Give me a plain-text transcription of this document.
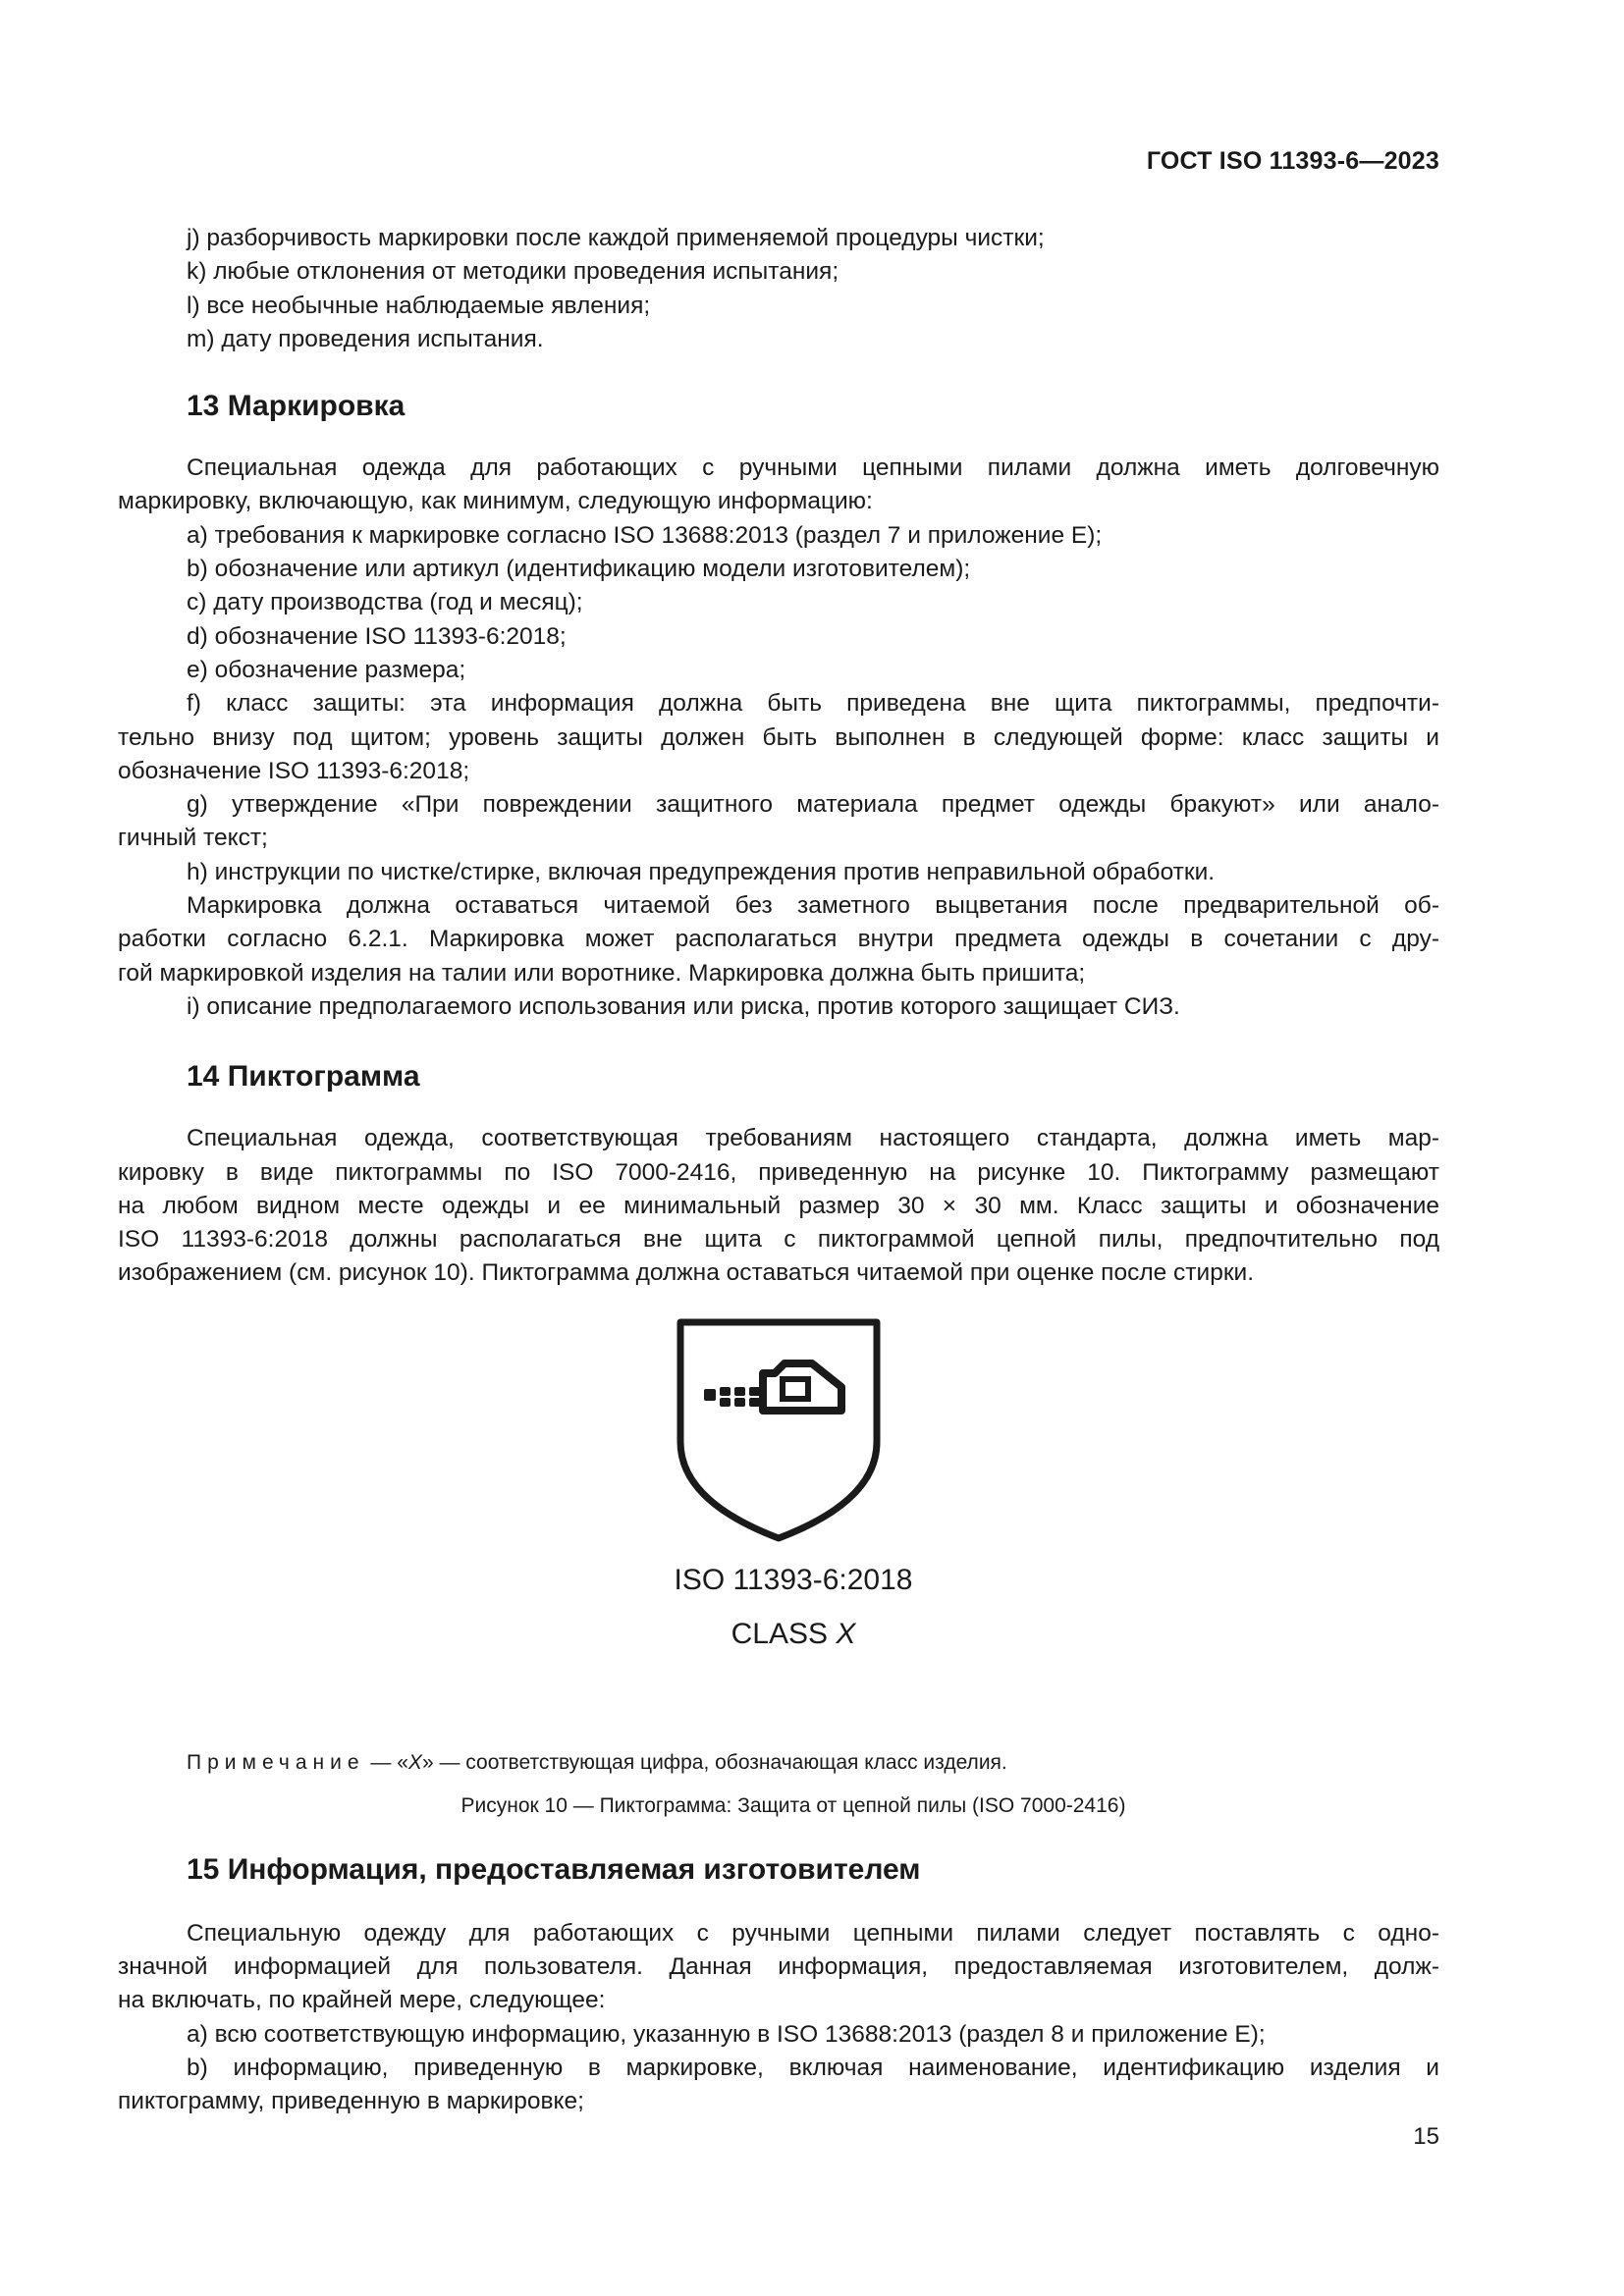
ГОСТ ISO 11393-6—2023

j) разборчивость маркировки после каждой применяемой процедуры чистки;

k) любые отклонения от методики проведения испытания;

l) все необычные наблюдаемые явления;

m) дату проведения испытания.

13 Маркировка

Специальная одежда для работающих с ручными цепными пилами должна иметь долговечную

маркировку, включающую, как минимум, следующую информацию:

a) требования к маркировке согласно ISO 13688:2013 (раздел 7 и приложение E);

b) обозначение или артикул (идентификацию модели изготовителем);

c) дату производства (год и месяц);

d) обозначение ISO 11393-6:2018;

e) обозначение размера;

f) класс защиты: эта информация должна быть приведена вне щита пиктограммы, предпочти-

тельно внизу под щитом; уровень защиты должен быть выполнен в следующей форме: класс защиты и

обозначение ISO 11393-6:2018;

g) утверждение «При повреждении защитного материала предмет одежды бракуют» или анало-

гичный текст;

h) инструкции по чистке/стирке, включая предупреждения против неправильной обработки.

Маркировка должна оставаться читаемой без заметного выцветания после предварительной об-

работки согласно 6.2.1. Маркировка может располагаться внутри предмета одежды в сочетании с дру-

гой маркировкой изделия на талии или воротнике. Маркировка должна быть пришита;

i) описание предполагаемого использования или риска, против которого защищает СИЗ.

14 Пиктограмма

Специальная одежда, соответствующая требованиям настоящего стандарта, должна иметь мар-

кировку в виде пиктограммы по ISO 7000-2416, приведенную на рисунке 10. Пиктограмму размещают

на любом видном месте одежды и ее минимальный размер 30 × 30 мм. Класс защиты и обозначение

ISO 11393-6:2018 должны располагаться вне щита с пиктограммой цепной пилы, предпочтительно под

изображением (см. рисунок 10). Пиктограмма должна оставаться читаемой при оценке после стирки.

ISO 11393-6:2018
CLASS X

Примечание — «X» — соответствующая цифра, обозначающая класс изделия.

Рисунок 10 — Пиктограмма: Защита от цепной пилы (ISO 7000-2416)

15 Информация, предоставляемая изготовителем

Специальную одежду для работающих с ручными цепными пилами следует поставлять с одно-

значной информацией для пользователя. Данная информация, предоставляемая изготовителем, долж-

на включать, по крайней мере, следующее:

a) всю соответствующую информацию, указанную в ISO 13688:2013 (раздел 8 и приложение E);

b) информацию, приведенную в маркировке, включая наименование, идентификацию изделия и

пиктограмму, приведенную в маркировке;

15
